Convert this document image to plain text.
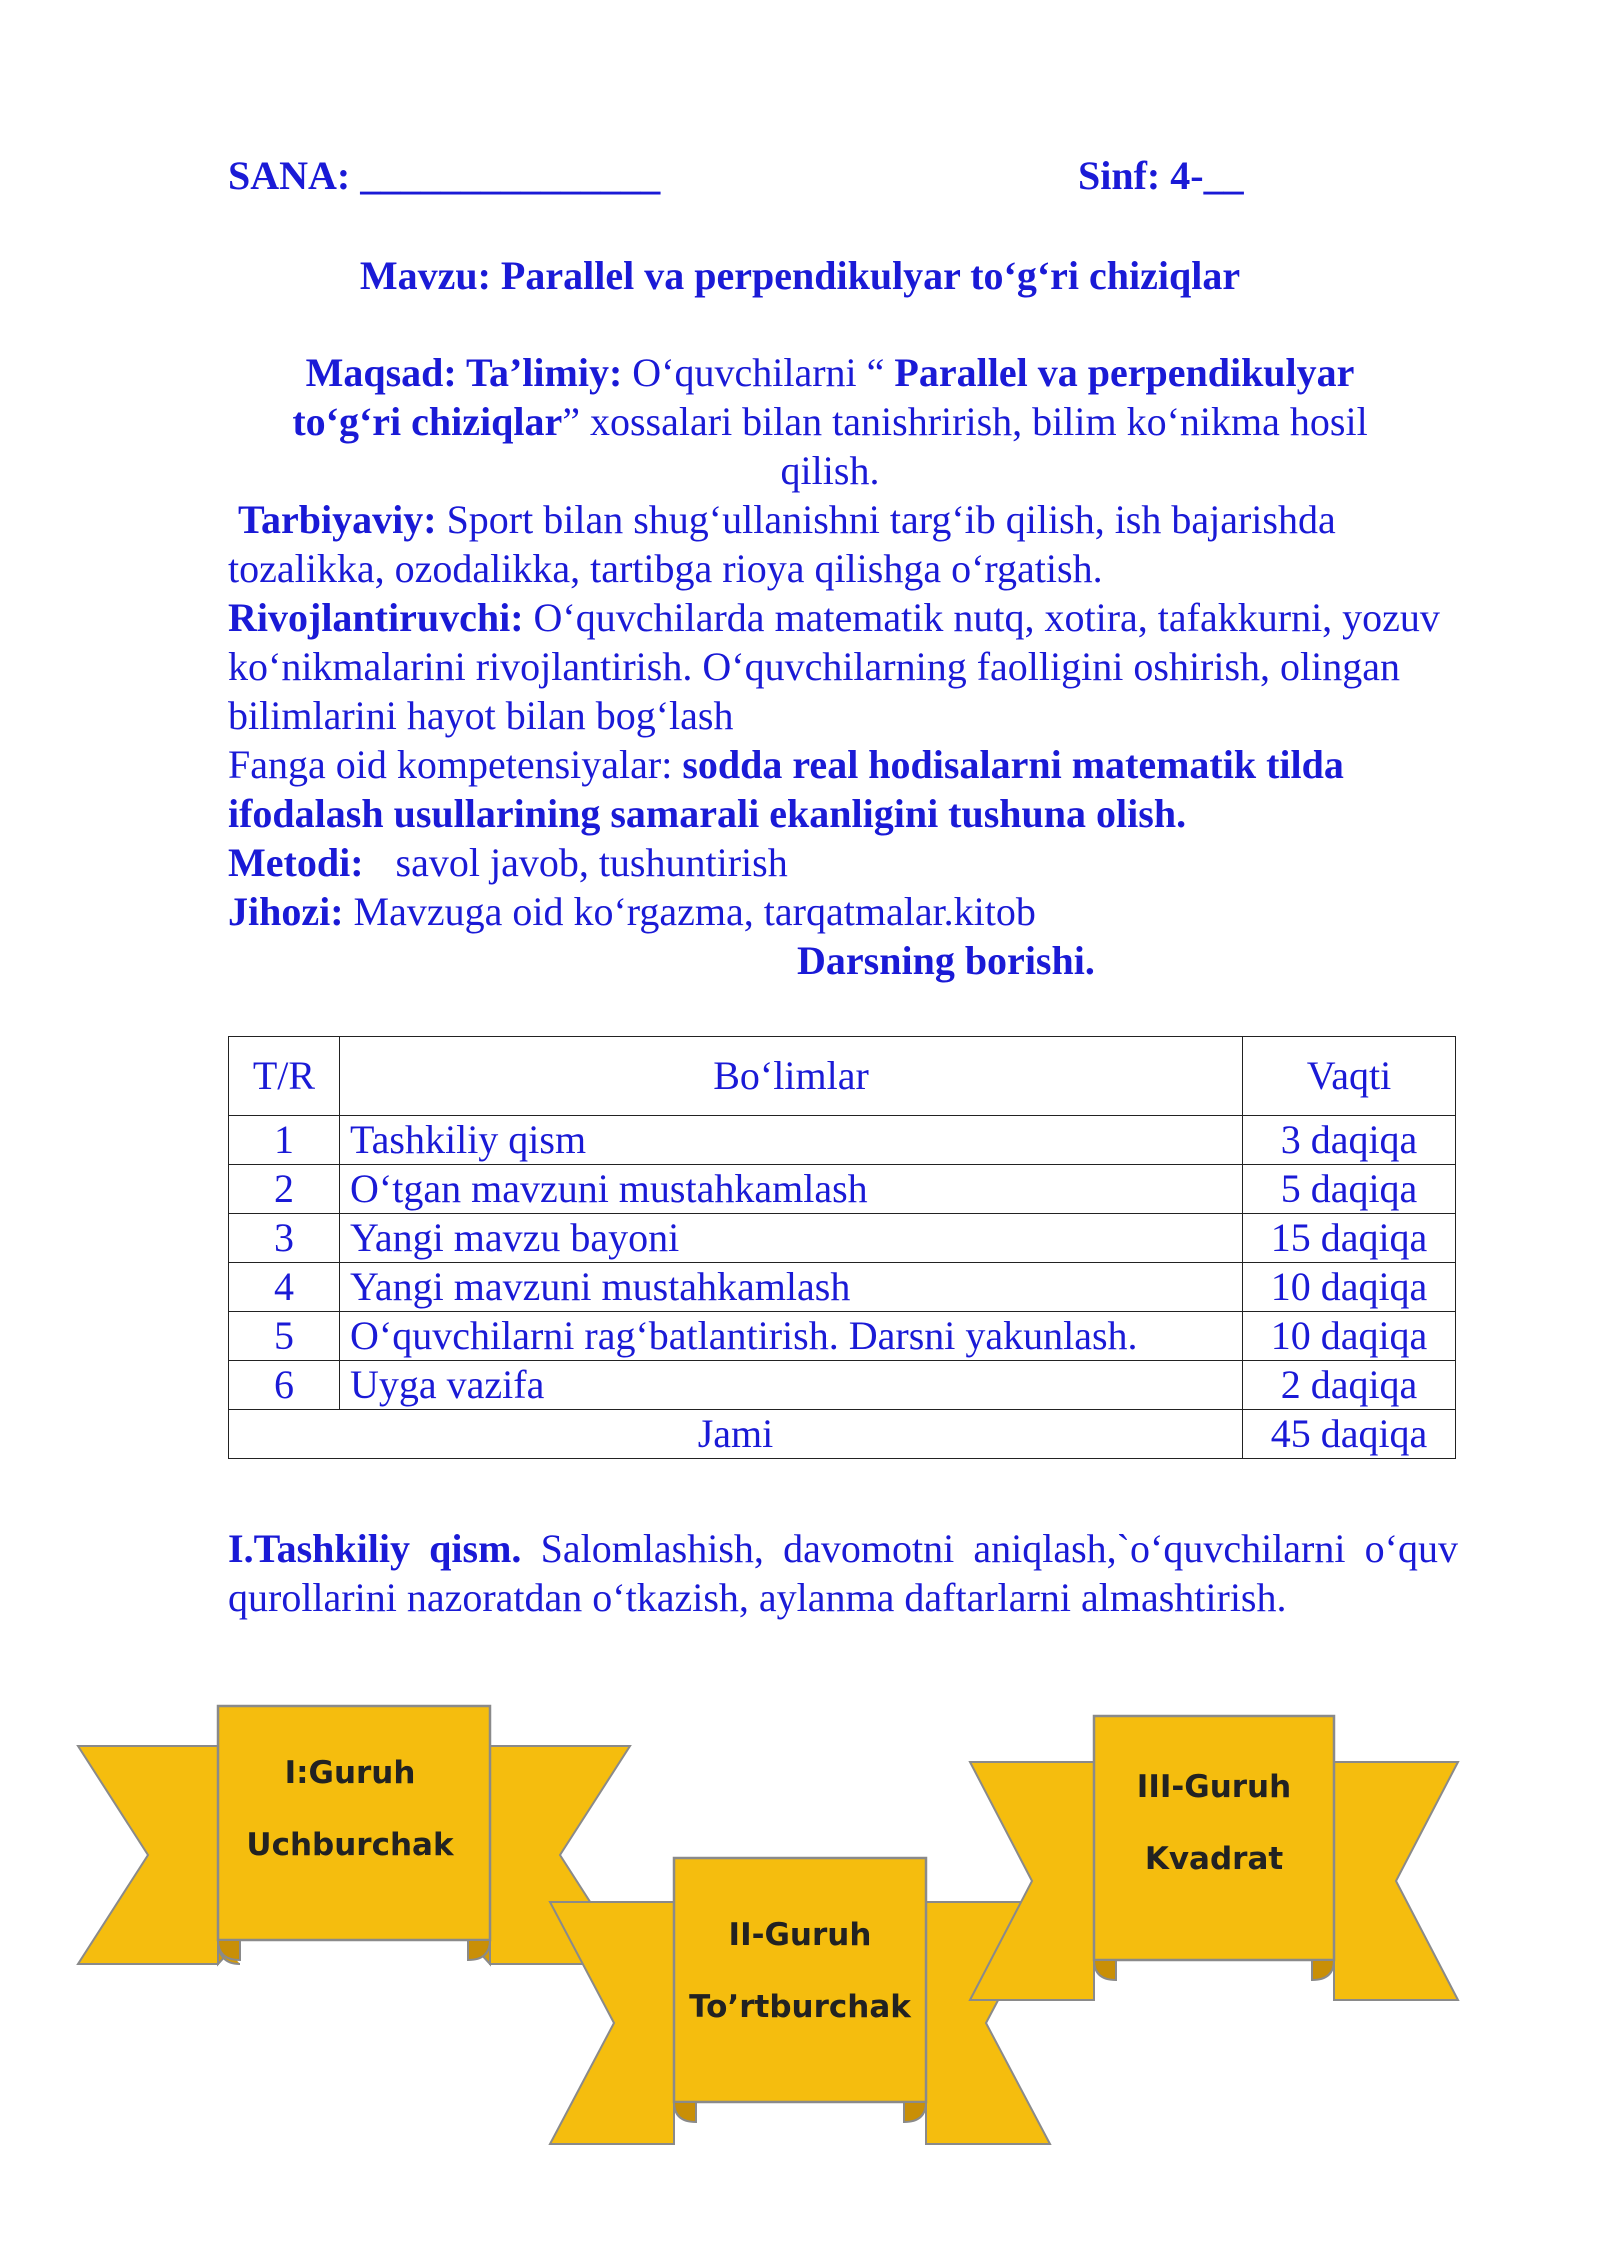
SANA: _______________	Sinf: 4-__
Mavzu: Parallel va perpendikulyar to‘g‘ri chiziqlar
Maqsad: Ta’limiy: O‘quvchilarni “ Parallel va perpendikulyar to‘g‘ri chiziqlar” xossalari bilan tanishrirish, bilim ko‘nikma hosil qilish.
Tarbiyaviy: Sport bilan shug‘ullanishni targ‘ib qilish, ish bajarishda tozalikka, ozodalikka, tartibga rioya qilishga o‘rgatish.
Rivojlantiruvchi: O‘quvchilarda matematik nutq, xotira, tafakkurni, yozuv ko‘nikmalarini rivojlantirish. O‘quvchilarning faolligini oshirish, olingan bilimlarini hayot bilan bog‘lash
Fanga oid kompetensiyalar: sodda real hodisalarni matematik tilda ifodalash usullarining samarali ekanligini tushuna olish.
Metodi: savol javob, tushuntirish
Jihozi: Mavzuga oid ko‘rgazma, tarqatmalar.kitob
Darsning borishi.
T/R	Bo‘limlar	Vaqti
1	Tashkiliy qism	3 daqiqa
2	O‘tgan mavzuni mustahkamlash	5 daqiqa
3	Yangi mavzu bayoni	15 daqiqa
4	Yangi mavzuni mustahkamlash	10 daqiqa
5	O‘quvchilarni rag‘batlantirish. Darsni yakunlash.	10 daqiqa
6	Uyga vazifa	2 daqiqa
Jami		45 daqiqa
I.Tashkiliy qism. Salomlashish, davomotni aniqlash,`o‘quvchilarni o‘quv qurollarini nazoratdan o‘tkazish, aylanma daftarlarni almashtirish.
I:Guruh
Uchburchak
II-Guruh
To’rtburchak
III-Guruh
Kvadrat
